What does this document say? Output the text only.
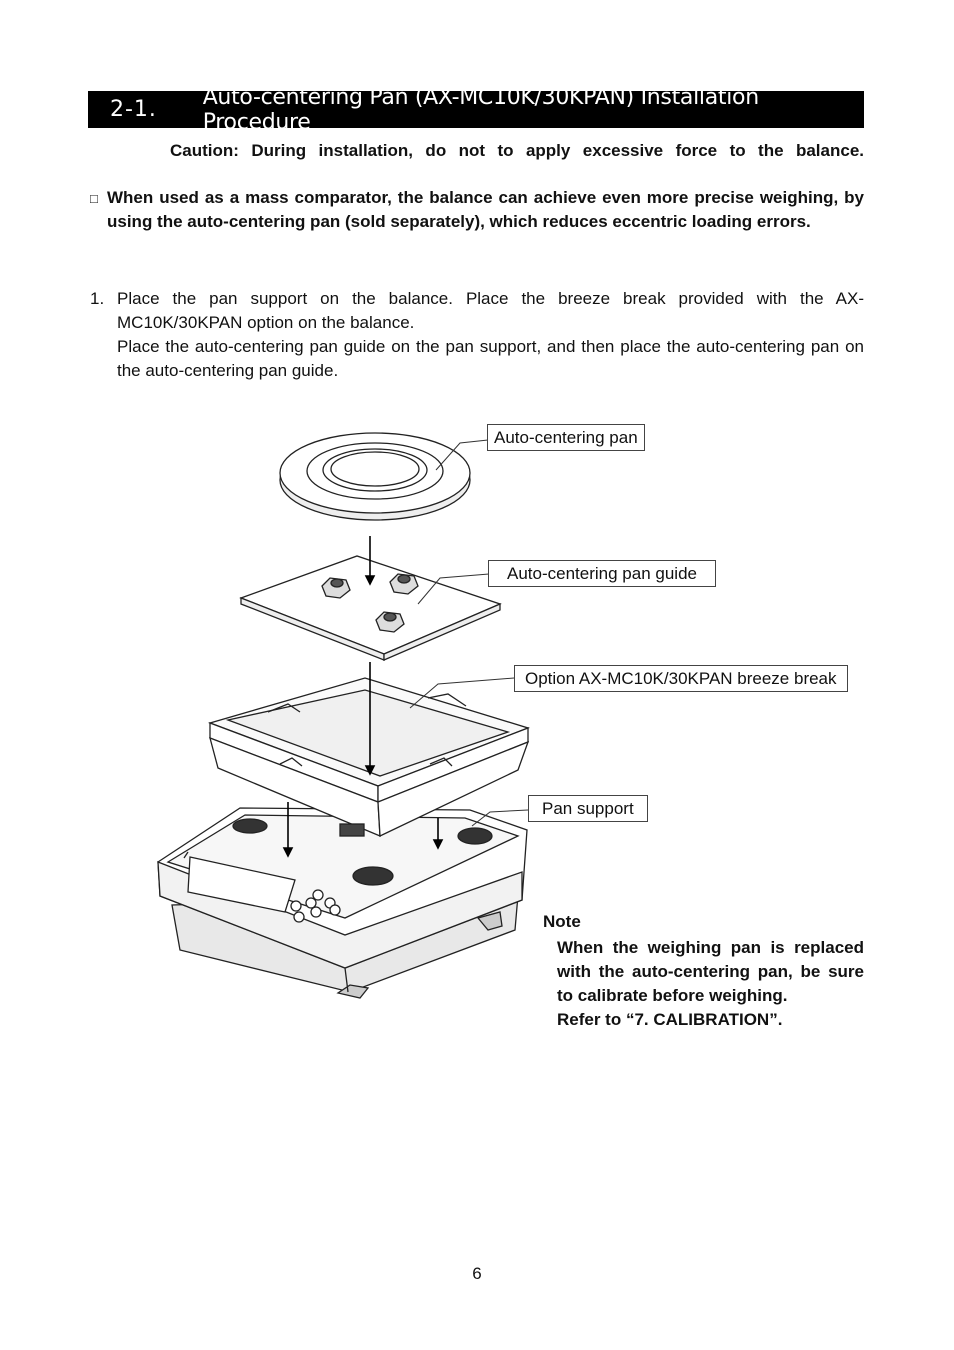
2-1.	Auto-centering Pan (AX-MC10K/30KPAN) Installation Procedure
Caution: During installation, do not to apply excessive force to the balance.
□ When used as a mass comparator, the balance can achieve even more precise weighing, by using the auto-centering pan (sold separately), which reduces eccentric loading errors.
1. Place the pan support on the balance. Place the breeze break provided with the AX-MC10K/30KPAN option on the balance.

Place the auto-centering pan guide on the pan support, and then place the auto-centering pan on the auto-centering pan guide.

Auto-centering pan
Auto-centering pan guide
Option AX-MC10K/30KPAN breeze break
Pan support
Note

When the weighing pan is replaced with the auto-centering pan, be sure to calibrate before weighing.

Refer to “7. CALIBRATION”.

6
